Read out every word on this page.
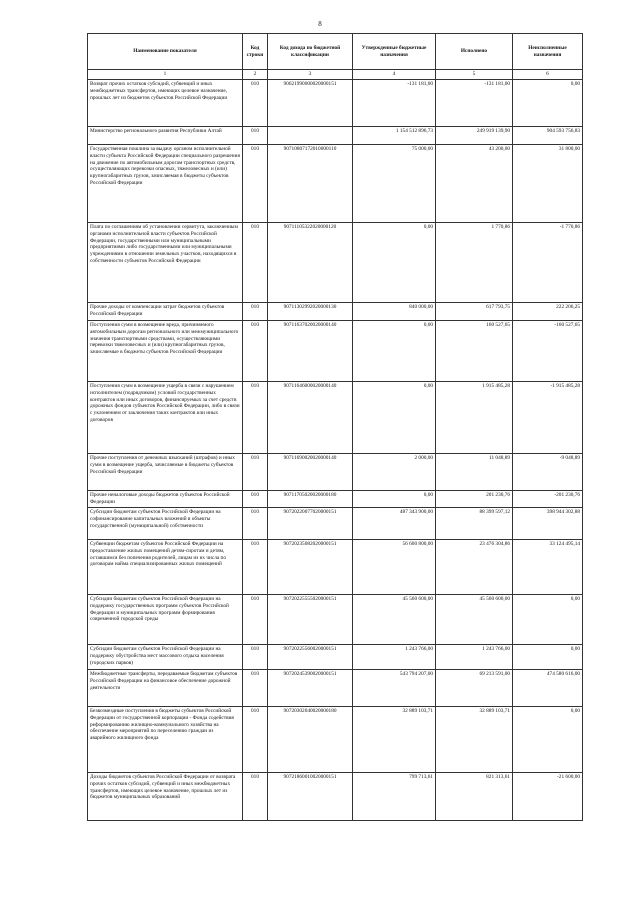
8
Наименование показателя	Код строки	Код дохода по бюджетной классификации	Утвержденные бюджетные назначения	Исполнено	Неисполненные назначения
1	2	3	4	5	6
Возврат прочих остатков субсидий, субвенций и иных межбюджетных трансфертов, имеющих целевое назначение, прошлых лет из бюджетов субъектов Российской Федерации	010	90621990000020000151	-131 181,00	-131 181,00	0,00
Министерство регионального развития Республики Алтай	010		1 154 512 896,73	249 919 139,90	904 593 756,83
Государственная пошлина за выдачу органом исполнительной власти субъекта Российской Федерации специального разрешения на движение по автомобильным дорогам транспортных средств, осуществляющих перевозки опасных, тяжеловесных и (или) крупногабаритных грузов, зачисляемая в бюджеты субъектов Российской Федерации	010	90710807172010000110	75 000,00	43 200,00	31 800,00
Плата по соглашениям об установлении сервитута, заключенным органами исполнительной власти субъектов Российской Федерации, государственными или муниципальными предприятиями либо государственными или муниципальными учреждениями в отношении земельных участков, находящихся в собственности субъектов Российской Федерации	010	90711105322020000120	0,00	1 770,86	-1 770,86
Прочие доходы от компенсации затрат бюджетов субъектов Российской Федерации	010	90711302992020000130	840 000,00	617 793,75	222 206,25
Поступления сумм в возмещение вреда, причиняемого автомобильным дорогам регионального или межмуниципального значения транспортными средствами, осуществляющими перевозки тяжеловесных и (или) крупногабаритных грузов, зачисляемые в бюджеты субъектов Российской Федерации	010	90711637020020000140	0,00	160 527,65	-160 527,65
Поступления сумм в возмещение ущерба в связи с нарушением исполнителем (подрядчиком) условий государственных контрактов или иных договоров, финансируемых за счет средств дорожных фондов субъектов Российской Федерации, либо в связи с уклонением от заключения таких контрактов или иных договоров	010	90711646000020000140	0,00	1 915 485,28	-1 915 485,28
Прочие поступления от денежных взысканий (штрафов) и иных сумм в возмещение ущерба, зачисляемые в бюджеты субъектов Российской Федерации	010	90711690020020000140	2 000,00	11 048,89	-9 048,89
Прочие неналоговые доходы бюджетов субъектов Российской Федерации	010	90711705020020000180	0,00	201 230,76	-201 230,76
Субсидии бюджетам субъектов Российской Федерации на софинансирование капитальных вложений в объекты государственной (муниципальной) собственности	010	90720220077020000151	487 343 900,00	88 399 597,12	398 944 302,88
Субвенции бюджетам субъектов Российской Федерации на предоставление жилых помещений детям-сиротам и детям, оставшимся без попечения родителей, лицам из их числа по договорам найма специализированных жилых помещений	010	90720235082020000151	56 600 800,00	23 476 304,86	33 124 495,14
Субсидии бюджетам субъектов Российской Федерации на поддержку государственных программ субъектов Российской Федерации и муниципальных программ формирования современной городской среды	010	90720225555020000151	45 560 600,00	45 560 600,00	0,00
Субсидии бюджетам субъектов Российской Федерации на поддержку обустройства мест массового отдыха населения (городских парков)	010	90720225560020000151	1 243 766,00	1 243 766,00	0,00
Межбюджетные трансферты, передаваемые бюджетам субъектов Российской Федерации на финансовое обеспечение дорожной деятельности	010	90720245390020000151	543 794 207,00	69 213 591,00	474 580 616,00
Безвозмездные поступления в бюджеты субъектов Российской Федерации от государственной корпорации - Фонда содействия реформированию жилищно-коммунального хозяйства на обеспечение мероприятий по переселению граждан из аварийного жилищного фонда	010	90720302040020000180	32 889 103,71	32 889 103,71	0,00
Доходы бюджетов субъектов Российской Федерации от возврата прочих остатков субсидий, субвенций и иных межбюджетных трансфертов, имеющих целевое назначение, прошлых лет из бюджетов муниципальных образований	010	90721860010020000151	799 713,61	821 313,61	-21 600,00
